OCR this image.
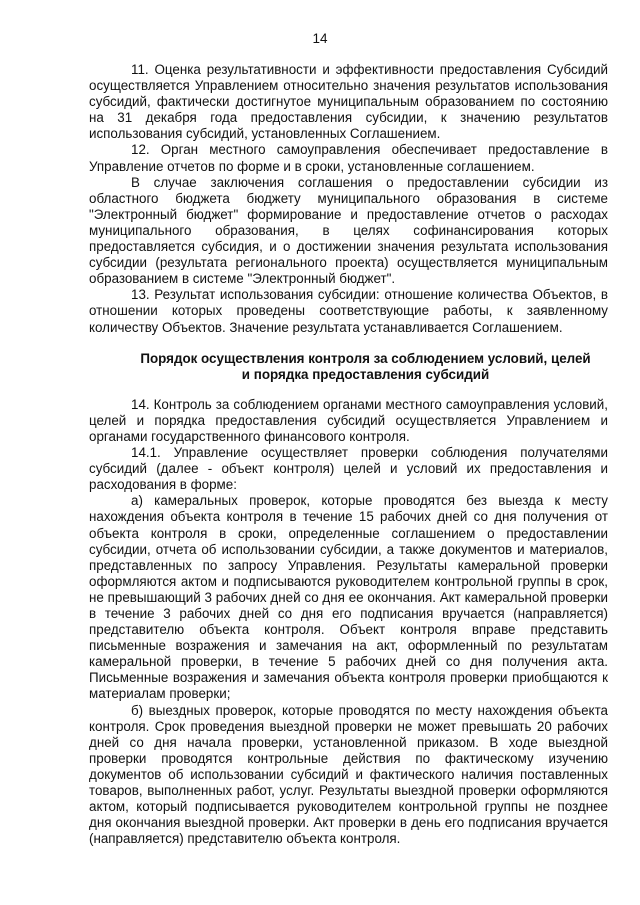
14

11. Оценка результативности и эффективности предоставления Субсидий осуществляется Управлением относительно значения результатов использования субсидий, фактически достигнутое муниципальным образованием по состоянию на 31 декабря года предоставления субсидии, к значению результатов использования субсидий, установленных Соглашением.

12. Орган местного самоуправления обеспечивает предоставление в Управление отчетов по форме и в сроки, установленные соглашением.

В случае заключения соглашения о предоставлении субсидии из областного бюджета бюджету муниципального образования в системе "Электронный бюджет" формирование и предоставление отчетов о расходах муниципального образования, в целях софинансирования которых предоставляется субсидия, и о достижении значения результата использования субсидии (результата регионального проекта) осуществляется муниципальным образованием в системе "Электронный бюджет".

13. Результат использования субсидии: отношение количества Объектов, в отношении которых проведены соответствующие работы, к заявленному количеству Объектов. Значение результата устанавливается Соглашением.

Порядок осуществления контроля за соблюдением условий, целей
и порядка предоставления субсидий

14. Контроль за соблюдением органами местного самоуправления условий, целей и порядка предоставления субсидий осуществляется Управлением и органами государственного финансового контроля.

14.1. Управление осуществляет проверки соблюдения получателями субсидий (далее - объект контроля) целей и условий их предоставления и расходования в форме:

а) камеральных проверок, которые проводятся без выезда к месту нахождения объекта контроля в течение 15 рабочих дней со дня получения от объекта контроля в сроки, определенные соглашением о предоставлении субсидии, отчета об использовании субсидии, а также документов и материалов, представленных по запросу Управления. Результаты камеральной проверки оформляются актом и подписываются руководителем контрольной группы в срок, не превышающий 3 рабочих дней со дня ее окончания. Акт камеральной проверки в течение 3 рабочих дней со дня его подписания вручается (направляется) представителю объекта контроля. Объект контроля вправе представить письменные возражения и замечания на акт, оформленный по результатам камеральной проверки, в течение 5 рабочих дней со дня получения акта. Письменные возражения и замечания объекта контроля проверки приобщаются к материалам проверки;

б) выездных проверок, которые проводятся по месту нахождения объекта контроля. Срок проведения выездной проверки не может превышать 20 рабочих дней со дня начала проверки, установленной приказом. В ходе выездной проверки проводятся контрольные действия по фактическому изучению документов об использовании субсидий и фактического наличия поставленных товаров, выполненных работ, услуг. Результаты выездной проверки оформляются актом, который подписывается руководителем контрольной группы не позднее дня окончания выездной проверки. Акт проверки в день его подписания вручается (направляется) представителю объекта контроля.
